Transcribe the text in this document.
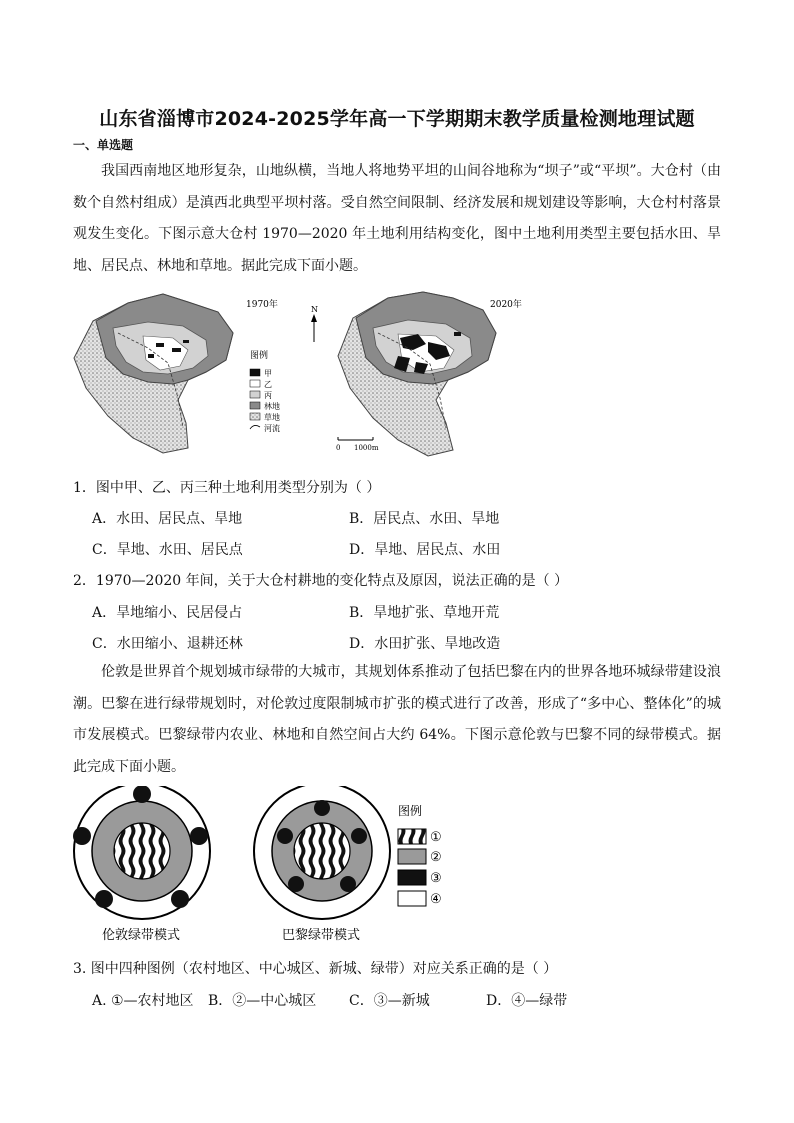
山东省淄博市2024-2025学年高一下学期期末教学质量检测地理试题
一、单选题
我国西南地区地形复杂，山地纵横，当地人将地势平坦的山间谷地称为“坝子”或“平坝”。大仓村（由数个自然村组成）是滇西北典型平坝村落。受自然空间限制、经济发展和规划建设等影响，大仓村村落景观发生变化。下图示意大仓村 1970—2020 年土地利用结构变化，图中土地利用类型主要包括水田、旱地、居民点、林地和草地。据此完成下面小题。
1970年
图例
甲
乙
丙
林地
草地
河流
N	2020年
0 1000m
1．图中甲、乙、丙三种土地利用类型分别为（ ）
A．水田、居民点、旱地	B．居民点、水田、旱地
C．旱地、水田、居民点	D．旱地、居民点、水田
2．1970—2020 年间，关于大仓村耕地的变化特点及原因，说法正确的是（ ）
A．旱地缩小、民居侵占	B．旱地扩张、草地开荒
C．水田缩小、退耕还林	D．水田扩张、旱地改造
伦敦是世界首个规划城市绿带的大城市，其规划体系推动了包括巴黎在内的世界各地环城绿带建设浪潮。巴黎在进行绿带规划时，对伦敦过度限制城市扩张的模式进行了改善，形成了“多中心、整体化”的城市发展模式。巴黎绿带内农业、林地和自然空间占大约 64%。下图示意伦敦与巴黎不同的绿带模式。据此完成下面小题。
伦敦绿带模式	巴黎绿带模式
图例
①
②
③
④
3. 图中四种图例（农村地区、中心城区、新城、绿带）对应关系正确的是（ ）
A. ①—农村地区 B．②—中心城区 C．③—新城	D．④—绿带
